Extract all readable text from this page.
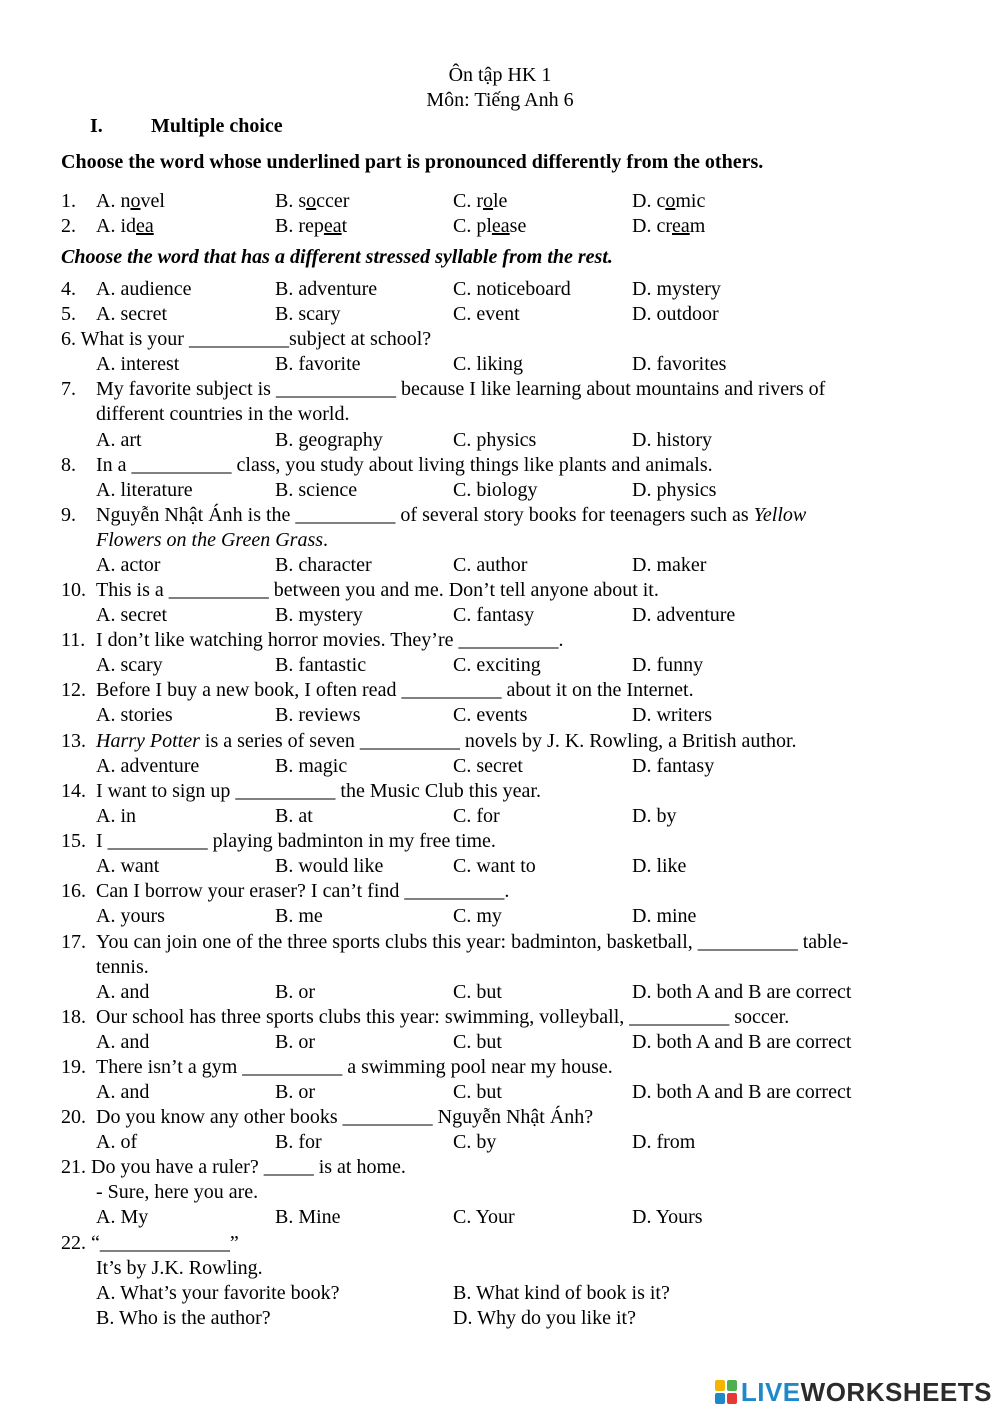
Ôn tập HK 1
Môn: Tiếng Anh 6
I. Multiple choice
Choose the word whose underlined part is pronounced differently from the others.
1. A. novel	B. soccer	C. role	D. comic
2. A. idea	B. repeat	C. please	D. cream
Choose the word that has a different stressed syllable from the rest.
4. A. audience	B. adventure	C. noticeboard	D. mystery
5. A. secret	B. scary	C. event	D. outdoor
6. What is your __________subject at school?
A. interest	B. favorite	C. liking	D. favorites
7. My favorite subject is ____________ because I like learning about mountains and rivers of
different countries in the world.
A. art	B. geography	C. physics	D. history
8. In a __________ class, you study about living things like plants and animals.
A. literature	B. science	C. biology	D. physics
9. Nguyễn Nhật Ánh is the __________ of several story books for teenagers such as Yellow
Flowers on the Green Grass.
A. actor	B. character	C. author	D. maker
10. This is a __________ between you and me. Don’t tell anyone about it.
A. secret	B. mystery	C. fantasy	D. adventure
11. I don’t like watching horror movies. They’re __________.
A. scary	B. fantastic	C. exciting	D. funny
12. Before I buy a new book, I often read __________ about it on the Internet.
A. stories	B. reviews	C. events	D. writers
13. Harry Potter is a series of seven __________ novels by J. K. Rowling, a British author.
A. adventure	B. magic	C. secret	D. fantasy
14. I want to sign up __________ the Music Club this year.
A. in	B. at	C. for	D. by
15. I __________ playing badminton in my free time.
A. want	B. would like	C. want to	D. like
16. Can I borrow your eraser? I can’t find __________.
A. yours	B. me	C. my	D. mine
17. You can join one of the three sports clubs this year: badminton, basketball, __________ table-
tennis.
A. and	B. or	C. but	D. both A and B are correct
18. Our school has three sports clubs this year: swimming, volleyball, __________ soccer.
A. and	B. or	C. but	D. both A and B are correct
19. There isn’t a gym __________ a swimming pool near my house.
A. and	B. or	C. but	D. both A and B are correct
20. Do you know any other books _________ Nguyễn Nhật Ánh?
A. of	B. for	C. by	D. from
21. Do you have a ruler? _____ is at home.
- Sure, here you are.
A. My	B. Mine	C. Your	D. Yours
22. “_____________”
It’s by J.K. Rowling.
A. What’s your favorite book?	B. What kind of book is it?
B. Who is the author?	D. Why do you like it?
LIVEWORKSHEETS
